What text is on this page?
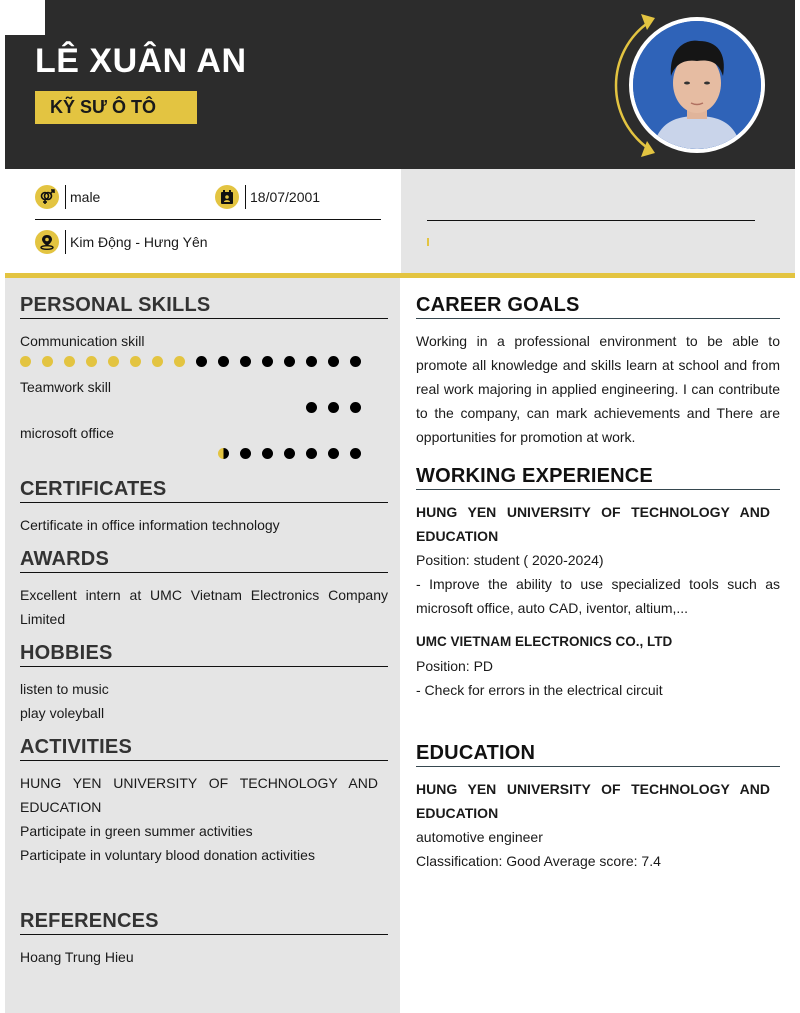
LÊ XUÂN AN
KỸ SƯ Ô TÔ
male	18/07/2001
Kim Động - Hưng Yên
PERSONAL SKILLS
Communication skill
Teamwork skill
microsoft office
CERTIFICATES
Certificate in office information technology
AWARDS
Excellent intern at UMC Vietnam Electronics Company Limited
HOBBIES
listen to music
play voleyball
ACTIVITIES
HUNG YEN UNIVERSITY OF TECHNOLOGY AND EDUCATION
Participate in green summer activities
Participate in voluntary blood donation activities
REFERENCES
Hoang Trung Hieu
CAREER GOALS
Working in a professional environment to be able to promote all knowledge and skills learn at school and from real work majoring in applied engineering. I can contribute to the company, can mark achievements and There are opportunities for promotion at work.
WORKING EXPERIENCE
HUNG YEN UNIVERSITY OF TECHNOLOGY AND EDUCATION
Position: student ( 2020-2024)
- Improve the ability to use specialized tools such as microsoft office, auto CAD, iventor, altium,...
UMC VIETNAM ELECTRONICS CO., LTD
Position: PD
- Check for errors in the electrical circuit
EDUCATION
HUNG YEN UNIVERSITY OF TECHNOLOGY AND EDUCATION
automotive engineer
Classification: Good Average score: 7.4
